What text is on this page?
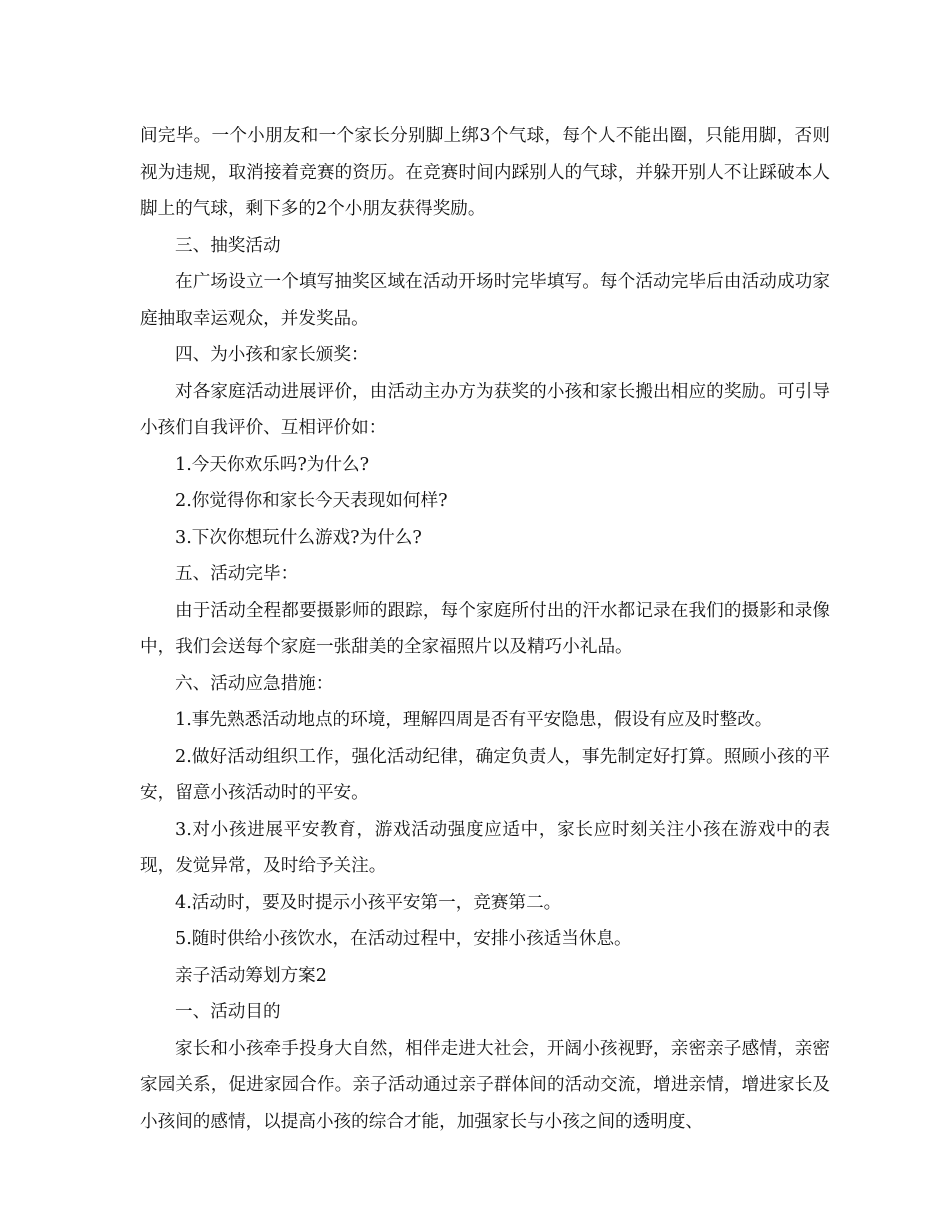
间完毕。一个小朋友和一个家长分别脚上绑3个气球，每个人不能出圈，只能用脚，否则视为违规，取消接着竞赛的资历。在竞赛时间内踩别人的气球，并躲开别人不让踩破本人脚上的气球，剩下多的2个小朋友获得奖励。

三、抽奖活动

在广场设立一个填写抽奖区域在活动开场时完毕填写。每个活动完毕后由活动成功家庭抽取幸运观众，并发奖品。

四、为小孩和家长颁奖：

对各家庭活动进展评价，由活动主办方为获奖的小孩和家长搬出相应的奖励。可引导小孩们自我评价、互相评价如：

1.今天你欢乐吗?为什么?

2.你觉得你和家长今天表现如何样?

3.下次你想玩什么游戏?为什么?

五、活动完毕：

由于活动全程都要摄影师的跟踪，每个家庭所付出的汗水都记录在我们的摄影和录像中，我们会送每个家庭一张甜美的全家福照片以及精巧小礼品。

六、活动应急措施：

1.事先熟悉活动地点的环境，理解四周是否有平安隐患，假设有应及时整改。

2.做好活动组织工作，强化活动纪律，确定负责人，事先制定好打算。照顾小孩的平安，留意小孩活动时的平安。

3.对小孩进展平安教育，游戏活动强度应适中，家长应时刻关注小孩在游戏中的表现，发觉异常，及时给予关注。

4.活动时，要及时提示小孩平安第一，竞赛第二。

5.随时供给小孩饮水，在活动过程中，安排小孩适当休息。

亲子活动筹划方案2

一、活动目的

家长和小孩牵手投身大自然，相伴走进大社会，开阔小孩视野，亲密亲子感情，亲密家园关系，促进家园合作。亲子活动通过亲子群体间的活动交流，增进亲情，增进家长及小孩间的感情，以提高小孩的综合才能，加强家长与小孩之间的透明度、
